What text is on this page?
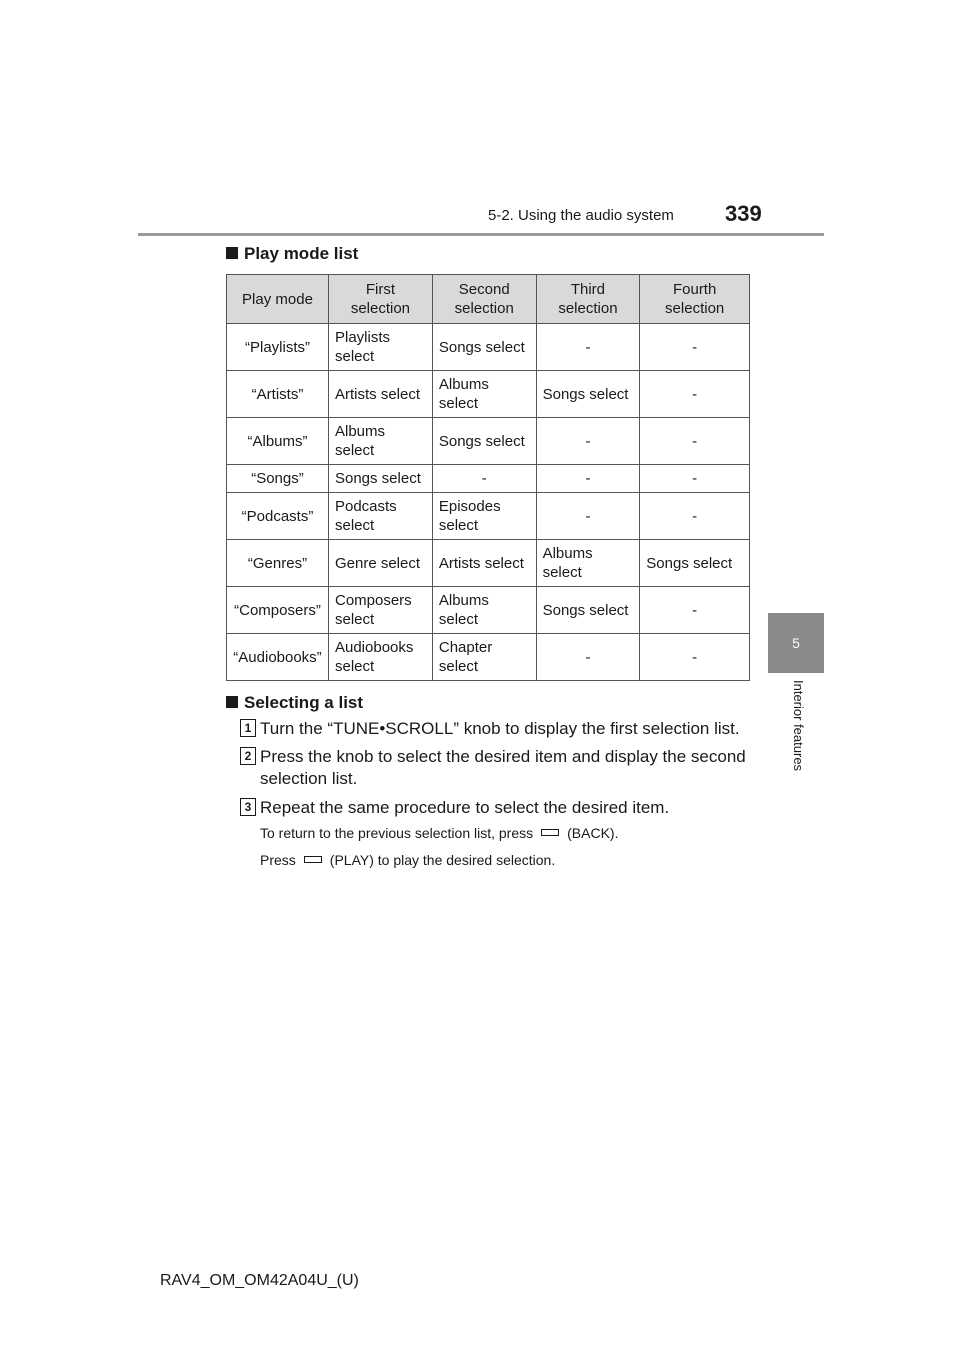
5-2. Using the audio system 339
5
Interior features
Play mode list
Play mode	First selection	Second selection	Third selection	Fourth selection
“Playlists”	Playlists select	Songs select	-	-
“Artists”	Artists select	Albums select	Songs select	-
“Albums”	Albums select	Songs select	-	-
“Songs”	Songs select	-	-	-
“Podcasts”	Podcasts select	Episodes select	-	-
“Genres”	Genre select	Artists select	Albums select	Songs select
“Composers”	Composers select	Albums select	Songs select	-
“Audiobooks”	Audiobooks select	Chapter select	-	-
Selecting a list
1 Turn the “TUNE•SCROLL” knob to display the first selection list.
2 Press the knob to select the desired item and display the second selection list.
3 Repeat the same procedure to select the desired item.
To return to the previous selection list, press (BACK).
Press (PLAY) to play the desired selection.
RAV4_OM_OM42A04U_(U)
